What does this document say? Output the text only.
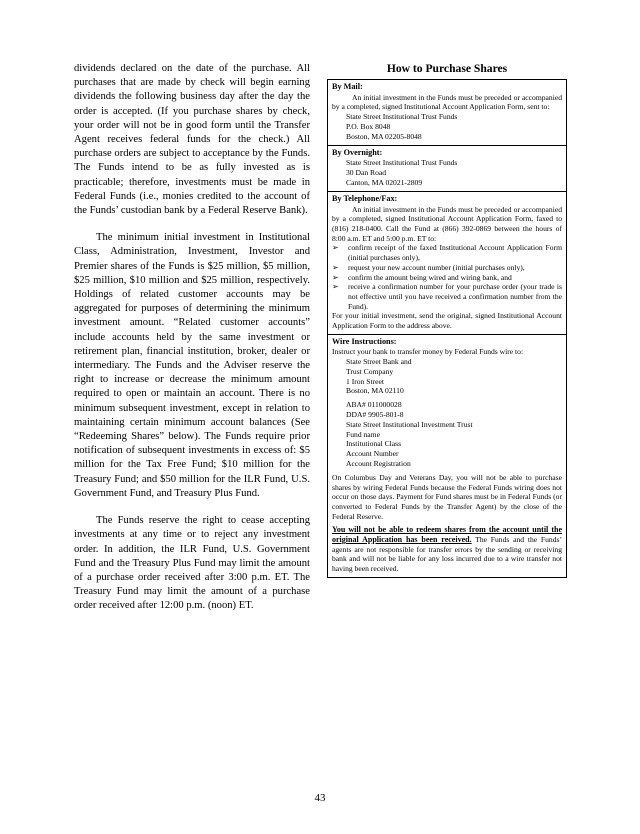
dividends declared on the date of the purchase. All purchases that are made by check will begin earning dividends the following business day after the day the order is accepted. (If you purchase shares by check, your order will not be in good form until the Transfer Agent receives federal funds for the check.) All purchase orders are subject to acceptance by the Funds. The Funds intend to be as fully invested as is practicable; therefore, investments must be made in Federal Funds (i.e., monies credited to the account of the Funds’ custodian bank by a Federal Reserve Bank).

The minimum initial investment in Institutional Class, Administration, Investment, Investor and Premier shares of the Funds is $25 million, $5 million, $25 million, $10 million and $25 million, respectively. Holdings of related customer accounts may be aggregated for purposes of determining the minimum investment amount. “Related customer accounts” include accounts held by the same investment or retirement plan, financial institution, broker, dealer or intermediary. The Funds and the Adviser reserve the right to increase or decrease the minimum amount required to open or maintain an account. There is no minimum subsequent investment, except in relation to maintaining certain minimum account balances (See “Redeeming Shares” below). The Funds require prior notification of subsequent investments in excess of: $5 million for the Tax Free Fund; $10 million for the Treasury Fund; and $50 million for the ILR Fund, U.S. Government Fund, and Treasury Plus Fund.

The Funds reserve the right to cease accepting investments at any time or to reject any investment order. In addition, the ILR Fund, U.S. Government Fund and the Treasury Plus Fund may limit the amount of a purchase order received after 3:00 p.m. ET. The Treasury Fund may limit the amount of a purchase order received after 12:00 p.m. (noon) ET.

How to Purchase Shares
By Mail:
An initial investment in the Funds must be preceded or accompanied by a completed, signed Institutional Account Application Form, sent to:
State Street Institutional Trust Funds
P.O. Box 8048
Boston, MA 02205-8048
By Overnight:
State Street Institutional Trust Funds
30 Dan Road
Canton, MA 02021-2809
By Telephone/Fax:
An initial investment in the Funds must be preceded or accompanied by a completed, signed Institutional Account Application Form, faxed to (816) 218-0400. Call the Fund at (866) 392-0869 between the hours of 8:00 a.m. ET and 5:00 p.m. ET to:
➢	confirm receipt of the faxed Institutional Account Application Form (initial purchases only),
➢	request your new account number (initial purchases only),
➢	confirm the amount being wired and wiring bank, and
➢	receive a confirmation number for your purchase order (your trade is not effective until you have received a confirmation number from the Fund).
For your initial investment, send the original, signed Institutional Account Application Form to the address above.
Wire Instructions:
Instruct your bank to transfer money by Federal Funds wire to:
State Street Bank and
Trust Company
1 Iron Street
Boston, MA 02110
ABA# 011000028
DDA# 9905-801-8
State Street Institutional Investment Trust
Fund name
Institutional Class
Account Number
Account Registration
On Columbus Day and Veterans Day, you will not be able to purchase shares by wiring Federal Funds because the Federal Funds wiring does not occur on those days. Payment for Fund shares must be in Federal Funds (or converted to Federal Funds by the Transfer Agent) by the close of the Federal Reserve.
You will not be able to redeem shares from the account until the original Application has been received. The Funds and the Funds’ agents are not responsible for transfer errors by the sending or receiving bank and will not be liable for any loss incurred due to a wire transfer not having been received.
43
